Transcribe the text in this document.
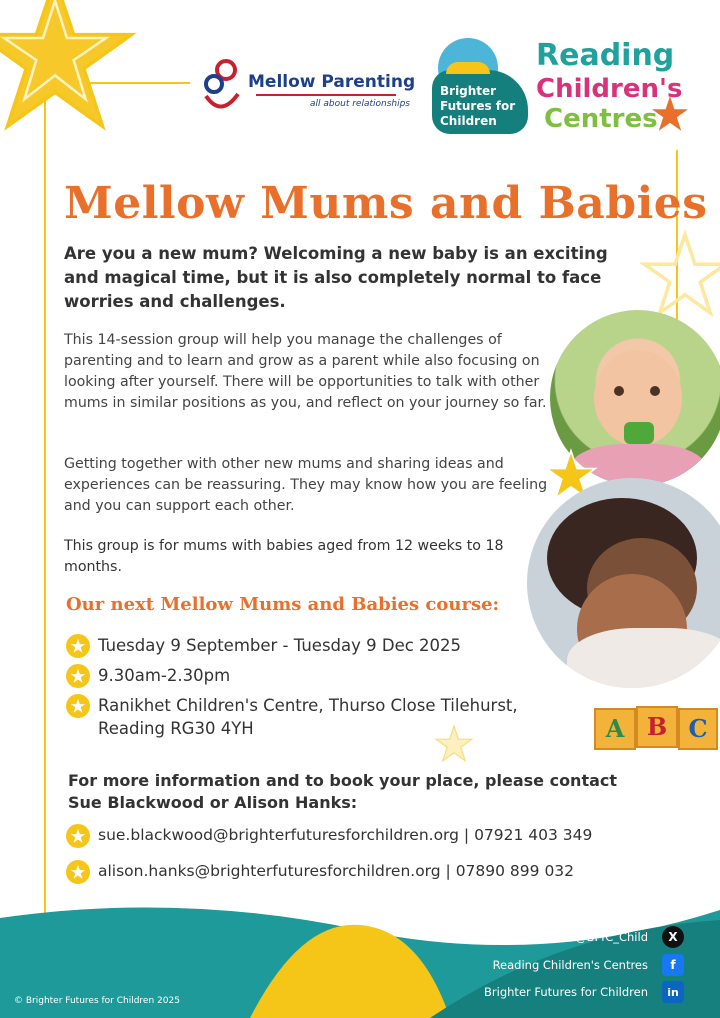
Mellow Parenting
all about relationships
Brighter Futures for Children
Reading
Children's
Centres
Mellow Mums and Babies
Are you a new mum? Welcoming a new baby is an exciting and magical time, but it is also completely normal to face worries and challenges.
This 14-session group will help you manage the challenges of parenting and to learn and grow as a parent while also focusing on looking after yourself. There will be opportunities to talk with other mums in similar positions as you, and reflect on your journey so far.
Getting together with other new mums and sharing ideas and experiences can be reassuring. They may know how you are feeling and you can support each other.
This group is for mums with babies aged from 12 weeks to 18 months.
A B C
Our next Mellow Mums and Babies course:
Tuesday 9 September - Tuesday 9 Dec 2025
9.30am-2.30pm
Ranikhet Children's Centre, Thurso Close Tilehurst, Reading RG30 4YH
For more information and to book your place, please contact Sue Blackwood or Alison Hanks:
sue.blackwood@brighterfuturesforchildren.org | 07921 403 349
alison.hanks@brighterfuturesforchildren.org | 07890 899 032
© Brighter Futures for Children 2025
@BFfC_Child	X
Reading Children's Centres	f
Brighter Futures for Children	in
